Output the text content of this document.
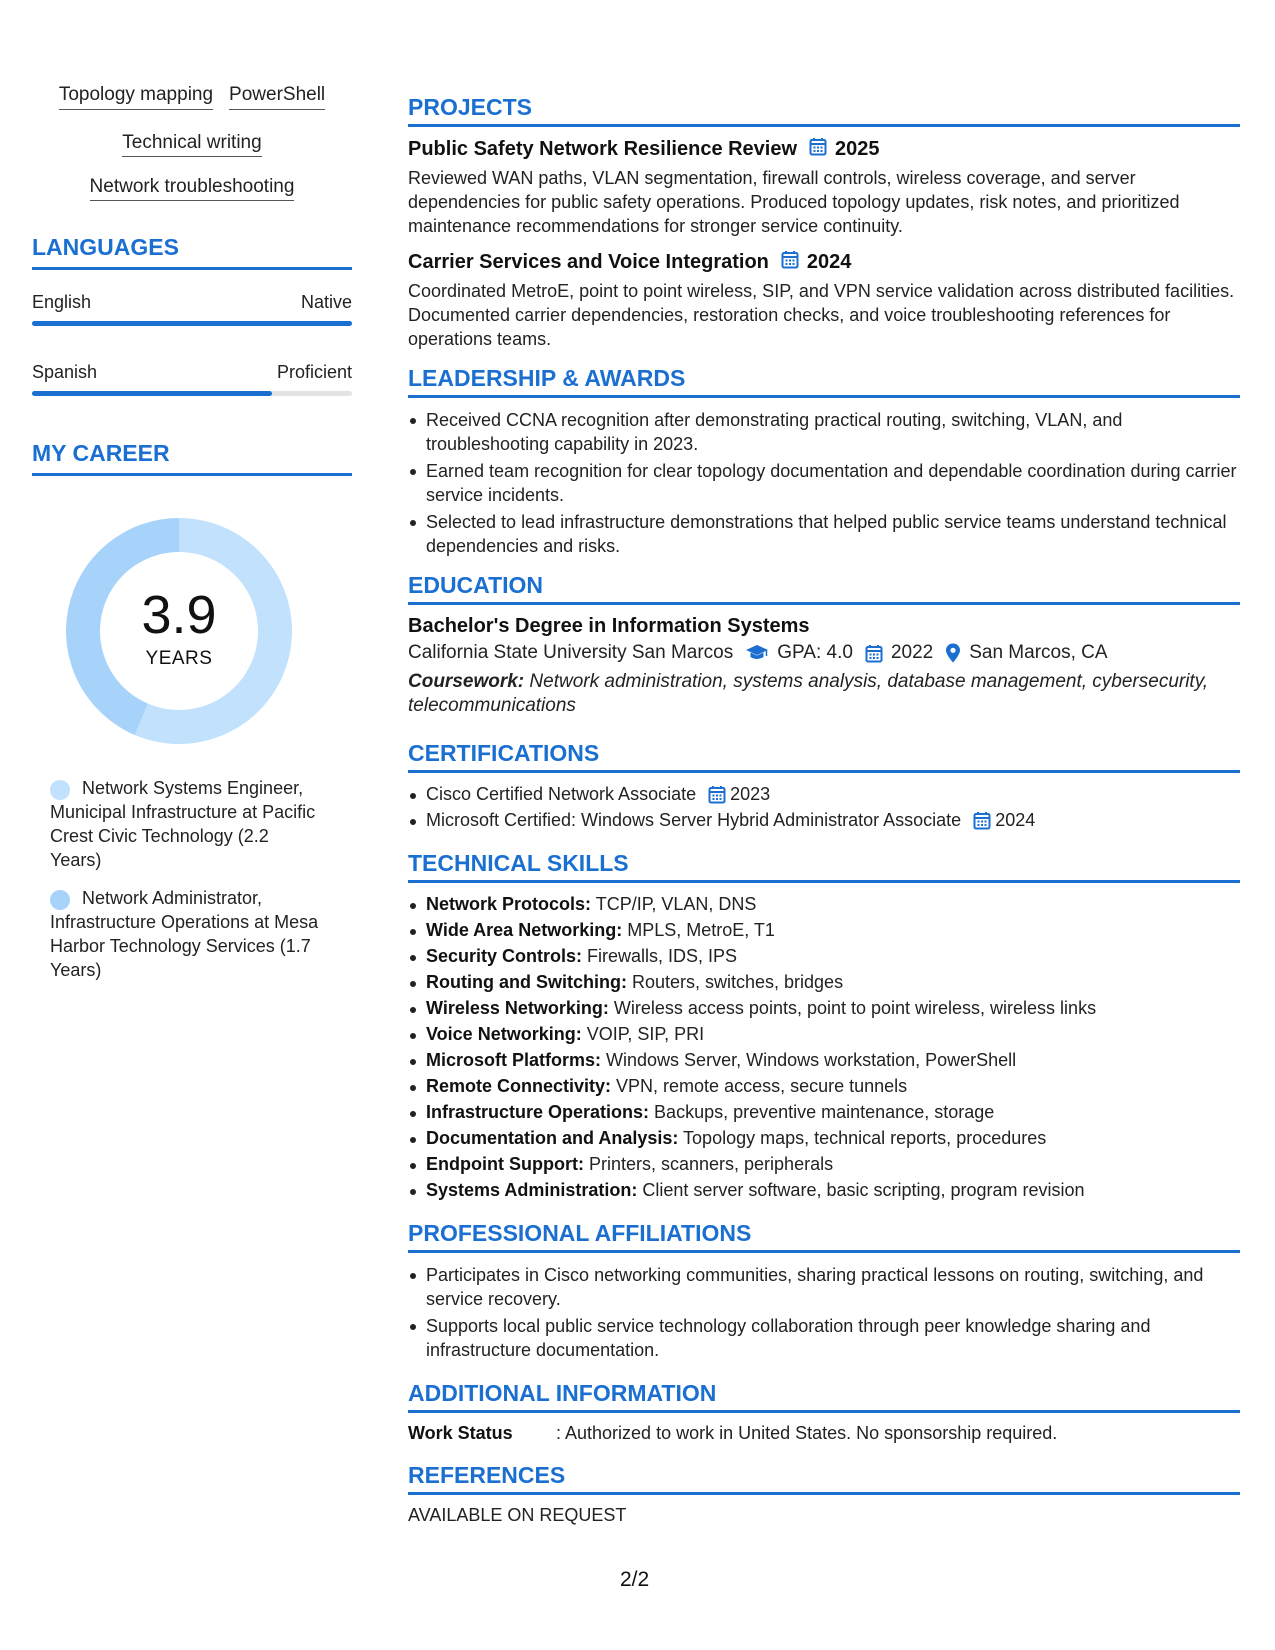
Topology mapping PowerShell
Technical writing
Network troubleshooting
LANGUAGES
English	Native
Spanish	Proficient
MY CAREER
3.9
YEARS
Network Systems Engineer, Municipal Infrastructure at Pacific Crest Civic Technology (2.2 Years)
Network Administrator, Infrastructure Operations at Mesa Harbor Technology Services (1.7 Years)
PROJECTS
Public Safety Network Resilience Review 2025
Reviewed WAN paths, VLAN segmentation, firewall controls, wireless coverage, and server dependencies for public safety operations. Produced topology updates, risk notes, and prioritized maintenance recommendations for stronger service continuity.
Carrier Services and Voice Integration 2024
Coordinated MetroE, point to point wireless, SIP, and VPN service validation across distributed facilities. Documented carrier dependencies, restoration checks, and voice troubleshooting references for operations teams.
LEADERSHIP & AWARDS
Received CCNA recognition after demonstrating practical routing, switching, VLAN, and troubleshooting capability in 2023.
Earned team recognition for clear topology documentation and dependable coordination during carrier service incidents.
Selected to lead infrastructure demonstrations that helped public service teams understand technical dependencies and risks.
EDUCATION
Bachelor's Degree in Information Systems
California State University San Marcos GPA: 4.0 2022 San Marcos, CA
Coursework: Network administration, systems analysis, database management, cybersecurity, telecommunications
CERTIFICATIONS
Cisco Certified Network Associate 2023
Microsoft Certified: Windows Server Hybrid Administrator Associate 2024
TECHNICAL SKILLS
Network Protocols: TCP/IP, VLAN, DNS
Wide Area Networking: MPLS, MetroE, T1
Security Controls: Firewalls, IDS, IPS
Routing and Switching: Routers, switches, bridges
Wireless Networking: Wireless access points, point to point wireless, wireless links
Voice Networking: VOIP, SIP, PRI
Microsoft Platforms: Windows Server, Windows workstation, PowerShell
Remote Connectivity: VPN, remote access, secure tunnels
Infrastructure Operations: Backups, preventive maintenance, storage
Documentation and Analysis: Topology maps, technical reports, procedures
Endpoint Support: Printers, scanners, peripherals
Systems Administration: Client server software, basic scripting, program revision
PROFESSIONAL AFFILIATIONS
Participates in Cisco networking communities, sharing practical lessons on routing, switching, and service recovery.
Supports local public service technology collaboration through peer knowledge sharing and infrastructure documentation.
ADDITIONAL INFORMATION
Work Status	: Authorized to work in United States. No sponsorship required.
REFERENCES
AVAILABLE ON REQUEST
2/2
